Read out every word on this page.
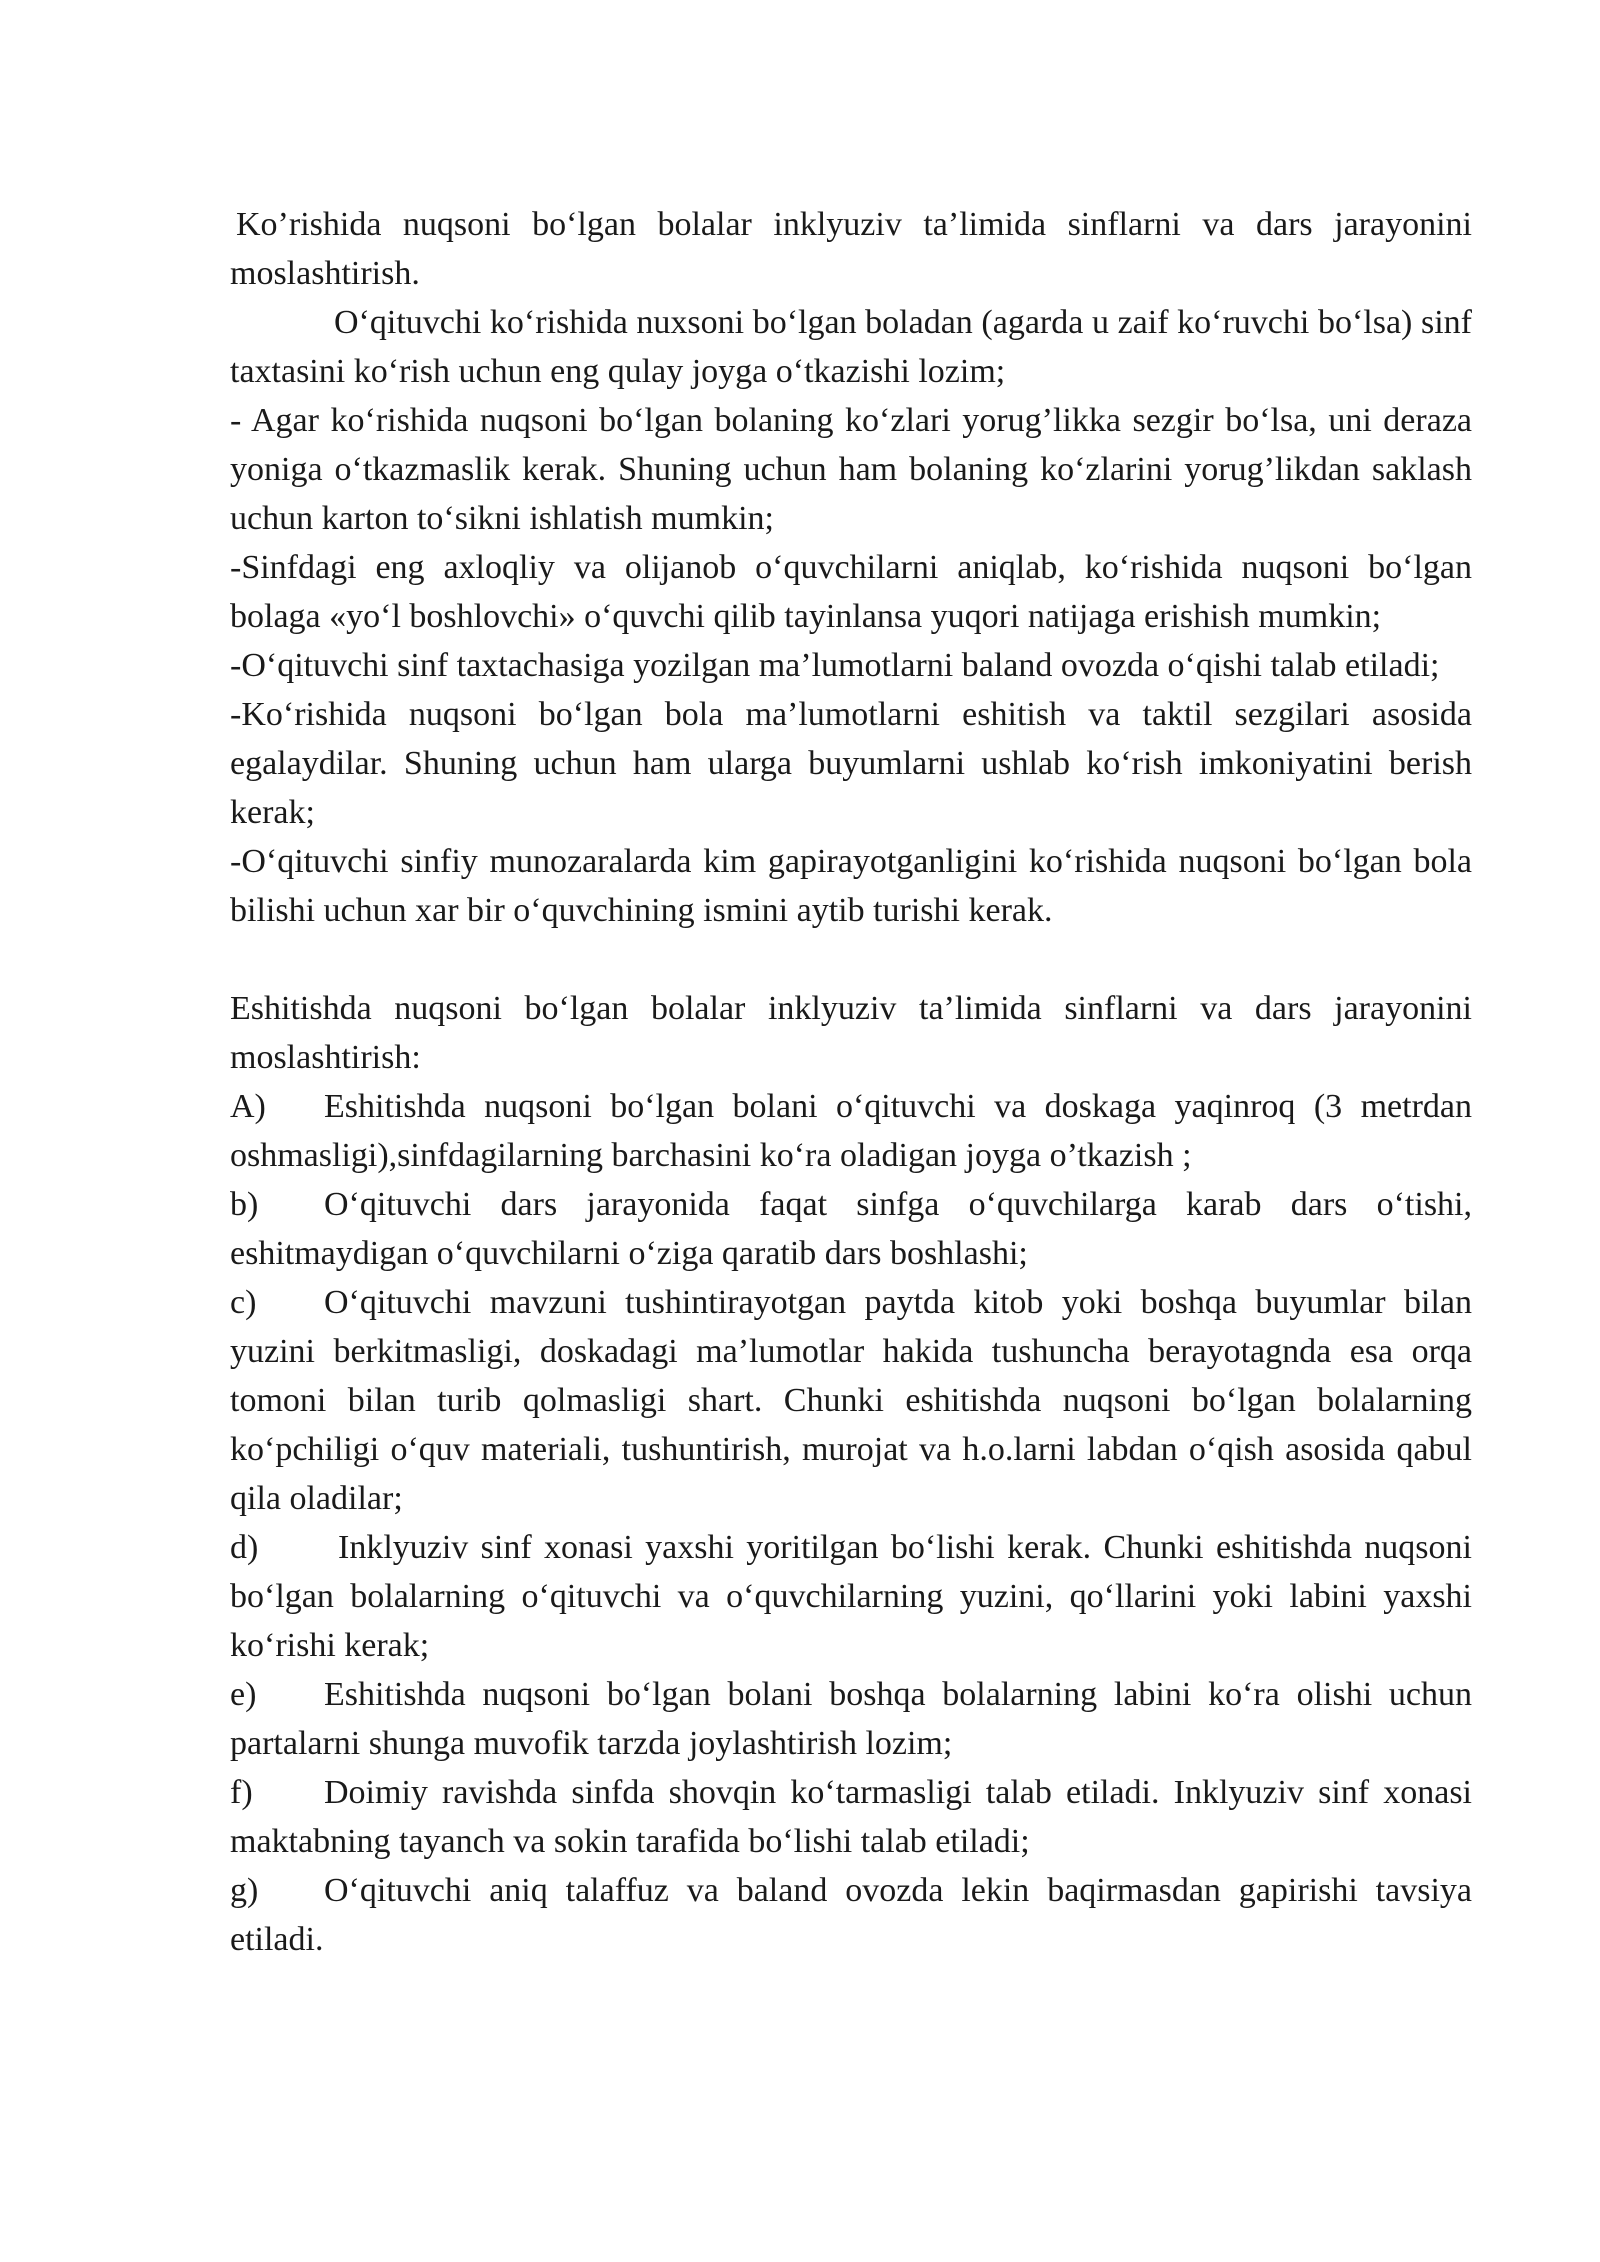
Ko’rishida nuqsoni bo‘lgan bolalar inklyuziv ta’limida sinflarni va dars jarayonini moslashtirish.

O‘qituvchi ko‘rishida nuxsoni bo‘lgan boladan (agarda u zaif ko‘ruvchi bo‘lsa) sinf taxtasini ko‘rish uchun eng qulay joyga o‘tkazishi lozim;

- Agar ko‘rishida nuqsoni bo‘lgan bolaning ko‘zlari yorug’likka sezgir bo‘lsa, uni deraza yoniga o‘tkazmaslik kerak. Shuning uchun ham bolaning ko‘zlarini yorug’likdan saklash uchun karton to‘sikni ishlatish mumkin;

-Sinfdagi eng axloqliy va olijanob o‘quvchilarni aniqlab, ko‘rishida nuqsoni bo‘lgan bolaga «yo‘l boshlovchi» o‘quvchi qilib tayinlansa yuqori natijaga erishish mumkin;

-O‘qituvchi sinf taxtachasiga yozilgan ma’lumotlarni baland ovozda o‘qishi talab etiladi;

-Ko‘rishida nuqsoni bo‘lgan bola ma’lumotlarni eshitish va taktil sezgilari asosida egalaydilar. Shuning uchun ham ularga buyumlarni ushlab ko‘rish imkoniyatini berish kerak;

-O‘qituvchi sinfiy munozaralarda kim gapirayotganligini ko‘rishida nuqsoni bo‘lgan bola bilishi uchun xar bir o‘quvchining ismini aytib turishi kerak.

Eshitishda nuqsoni bo‘lgan bolalar inklyuziv ta’limida sinflarni va dars jarayonini moslashtirish:

A) Eshitishda nuqsoni bo‘lgan bolani o‘qituvchi va doskaga yaqinroq (3 metrdan oshmasligi),sinfdagilarning barchasini ko‘ra oladigan joyga o’tkazish ;

b) O‘qituvchi dars jarayonida faqat sinfga o‘quvchilarga karab dars o‘tishi, eshitmaydigan o‘quvchilarni o‘ziga qaratib dars boshlashi;

c) O‘qituvchi mavzuni tushintirayotgan paytda kitob yoki boshqa buyumlar bilan yuzini berkitmasligi, doskadagi ma’lumotlar hakida tushuncha berayotagnda esa orqa tomoni bilan turib qolmasligi shart. Chunki eshitishda nuqsoni bo‘lgan bolalarning ko‘pchiligi o‘quv materiali, tushuntirish, murojat va h.o.larni labdan o‘qish asosida qabul qila oladilar;

d) Inklyuziv sinf xonasi yaxshi yoritilgan bo‘lishi kerak. Chunki eshitishda nuqsoni bo‘lgan bolalarning o‘qituvchi va o‘quvchilarning yuzini, qo‘llarini yoki labini yaxshi ko‘rishi kerak;

e) Eshitishda nuqsoni bo‘lgan bolani boshqa bolalarning labini ko‘ra olishi uchun partalarni shunga muvofik tarzda joylashtirish lozim;

f) Doimiy ravishda sinfda shovqin ko‘tarmasligi talab etiladi. Inklyuziv sinf xonasi maktabning tayanch va sokin tarafida bo‘lishi talab etiladi;

g) O‘qituvchi aniq talaffuz va baland ovozda lekin baqirmasdan gapirishi tavsiya etiladi.
